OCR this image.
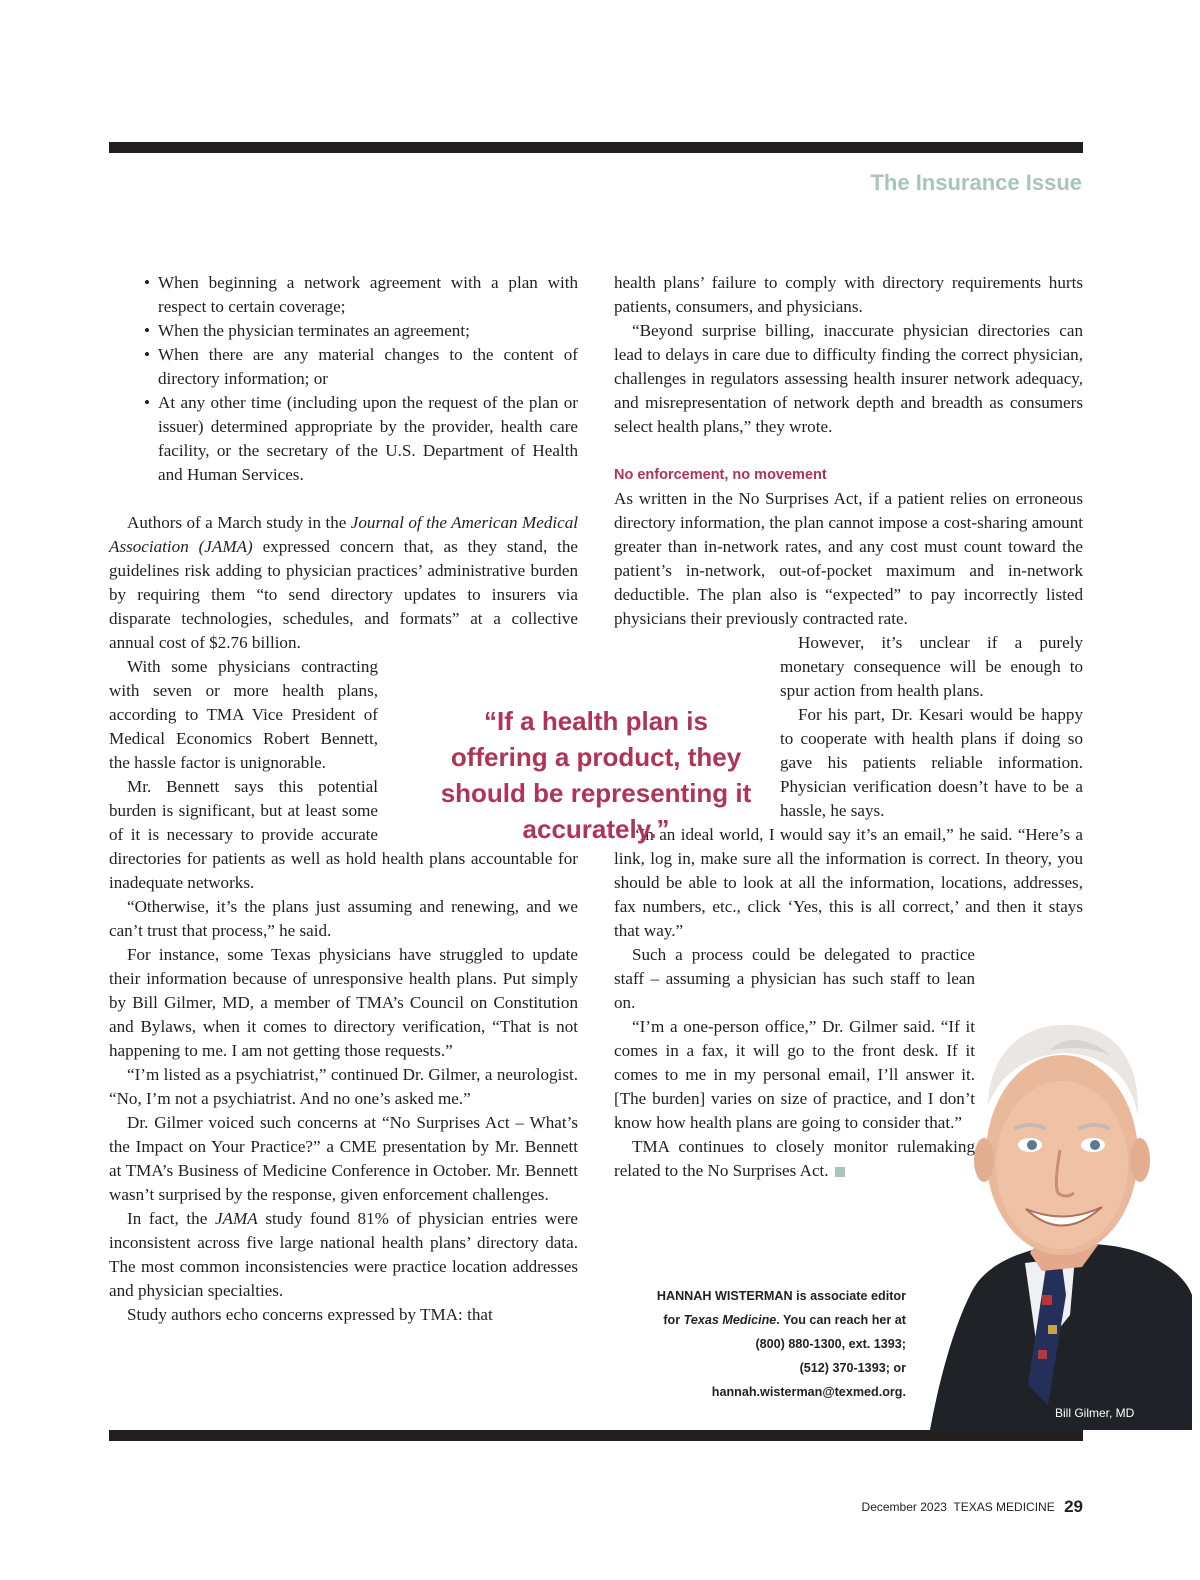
The Insurance Issue
• When beginning a network agreement with a plan with respect to certain coverage;
• When the physician terminates an agreement;
• When there are any material changes to the content of directory information; or
• At any other time (including upon the request of the plan or issuer) determined appropriate by the provider, health care facility, or the secretary of the U.S. Department of Health and Human Services.

Authors of a March study in the Journal of the American Medical Association (JAMA) expressed concern that, as they stand, the guidelines risk adding to physician practices’ administrative burden by requiring them “to send directory updates to insurers via disparate technologies, schedules, and formats” at a collective annual cost of $2.76 billion.

With some physicians contracting with seven or more health plans, according to TMA Vice President of Medical Economics Robert Bennett, the hassle factor is unignorable.

Mr. Bennett says this potential burden is significant, but at least some of it is necessary to provide accurate directories for patients as well as hold health plans accountable for inadequate networks.

“Otherwise, it’s the plans just assuming and renewing, and we can’t trust that process,” he said.

For instance, some Texas physicians have struggled to update their information because of unresponsive health plans. Put simply by Bill Gilmer, MD, a member of TMA’s Council on Constitution and Bylaws, when it comes to directory verification, “That is not happening to me. I am not getting those requests.”

“I’m listed as a psychiatrist,” continued Dr. Gilmer, a neurologist. “No, I’m not a psychiatrist. And no one’s asked me.”

Dr. Gilmer voiced such concerns at “No Surprises Act – What’s the Impact on Your Practice?” a CME presentation by Mr. Bennett at TMA’s Business of Medicine Conference in October. Mr. Bennett wasn’t surprised by the response, given enforcement challenges.

In fact, the JAMA study found 81% of physician entries were inconsistent across five large national health plans’ directory data. The most common inconsistencies were practice location addresses and physician specialties.

Study authors echo concerns expressed by TMA: that

health plans’ failure to comply with directory requirements hurts patients, consumers, and physicians.

“Beyond surprise billing, inaccurate physician directories can lead to delays in care due to difficulty finding the correct physician, challenges in regulators assessing health insurer network adequacy, and misrepresentation of network depth and breadth as consumers select health plans,” they wrote.

No enforcement, no movement

As written in the No Surprises Act, if a patient relies on erroneous directory information, the plan cannot impose a cost-sharing amount greater than in-network rates, and any cost must count toward the patient’s in-network, out-of-pocket maximum and in-network deductible. The plan also is “expected” to pay incorrectly listed physicians their previously contracted rate.

However, it’s unclear if a purely monetary consequence will be enough to spur action from health plans.

For his part, Dr. Kesari would be happy to cooperate with health plans if doing so gave his patients reliable information. Physician verification doesn’t have to be a hassle, he says.

“In an ideal world, I would say it’s an email,” he said. “Here’s a link, log in, make sure all the information is correct. In theory, you should be able to look at all the information, locations, addresses, fax numbers, etc., click ‘Yes, this is all correct,’ and then it stays that way.”

Such a process could be delegated to practice staff – assuming a physician has such staff to lean on.

“I’m a one-person office,” Dr. Gilmer said. “If it comes in a fax, it will go to the front desk. If it comes to me in my personal email, I’ll answer it. [The burden] varies on size of practice, and I don’t know how health plans are going to consider that.”

TMA continues to closely monitor rulemaking related to the No Surprises Act.

“If a health plan is offering a product, they should be representing it accurately.”
HANNAH WISTERMAN is associate editor
for Texas Medicine. You can reach her at
(800) 880-1300, ext. 1393;
(512) 370-1393; or
hannah.wisterman@texmed.org.
Bill Gilmer, MD
December 2023 TEXAS MEDICINE 29
